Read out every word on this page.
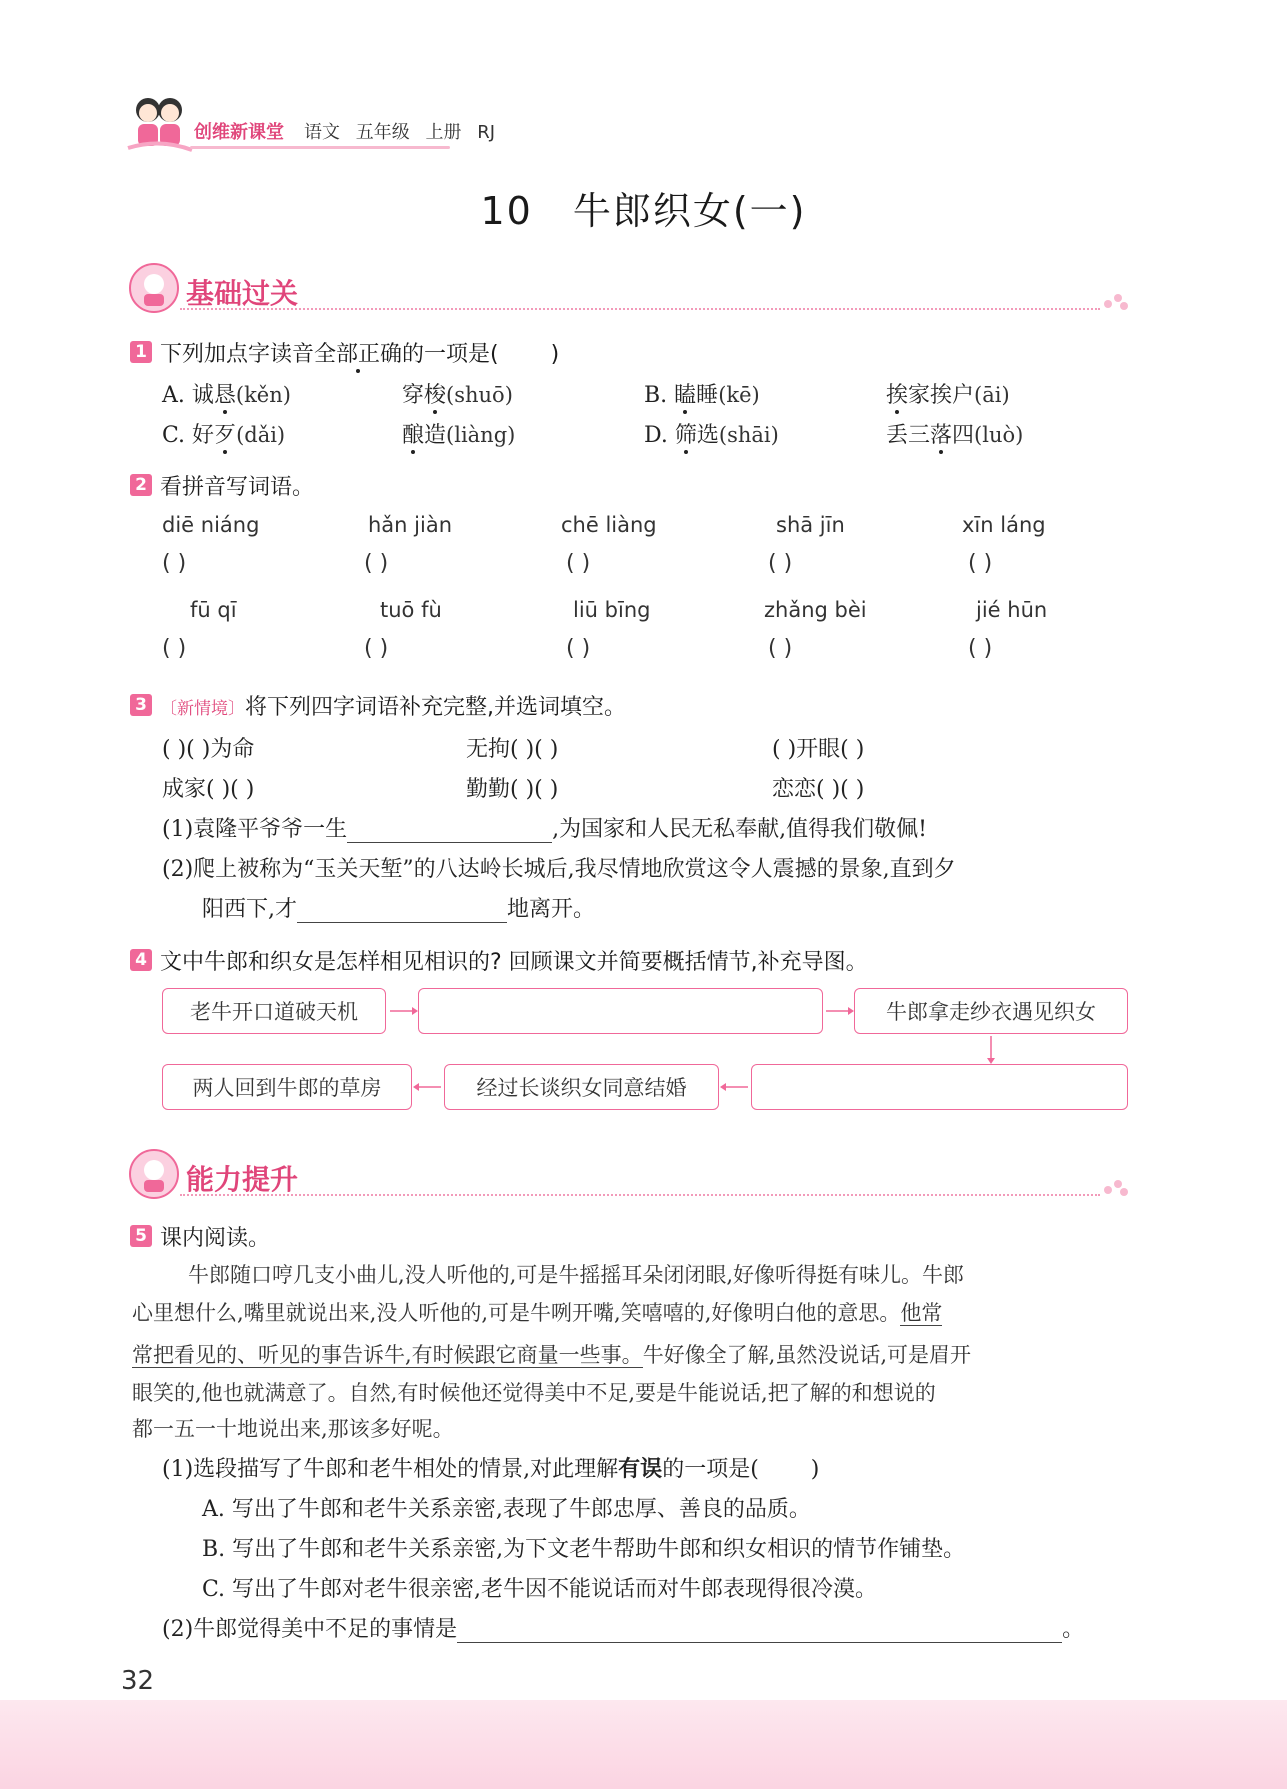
创维新课堂 语文 五年级 上册 RJ
10 牛郎织女(一)
基础过关
1 下列加点字读音全部正确的一项是( )
A. 诚恳(kěn)	穿梭(shuō)	B. 瞌睡(kē)	挨家挨户(āi)
C. 好歹(dǎi)	酿造(liàng)	D. 筛选(shāi)	丢三落四(luò)
2 看拼音写词语。
diē niáng	hǎn jiàn	chē liàng	shā jīn	xīn láng
( )	( )	( )	( )	( )
fū qī	tuō fù	liū bīng	zhǎng bèi	jié hūn
( )	( )	( )	( )	( )
3 〔新情境〕将下列四字词语补充完整,并选词填空。
( )( )为命	无拘( )( )	( )开眼( )
成家( )( )	勤勤( )( )	恋恋( )( )
(1)袁隆平爷爷一生	,为国家和人民无私奉献,值得我们敬佩!
(2)爬上被称为“玉关天堑”的八达岭长城后,我尽情地欣赏这令人震撼的景象,直到夕
阳西下,才	地离开。
4 文中牛郎和织女是怎样相见相识的? 回顾课文并简要概括情节,补充导图。
老牛开口道破天机	牛郎拿走纱衣遇见织女
两人回到牛郎的草房	经过长谈织女同意结婚
能力提升
5 课内阅读。
牛郎随口哼几支小曲儿,没人听他的,可是牛摇摇耳朵闭闭眼,好像听得挺有味儿。牛郎
心里想什么,嘴里就说出来,没人听他的,可是牛咧开嘴,笑嘻嘻的,好像明白他的意思。他常
常把看见的、听见的事告诉牛,有时候跟它商量一些事。牛好像全了解,虽然没说话,可是眉开
眼笑的,他也就满意了。自然,有时候他还觉得美中不足,要是牛能说话,把了解的和想说的
都一五一十地说出来,那该多好呢。
(1)选段描写了牛郎和老牛相处的情景,对此理解有误的一项是( )
A. 写出了牛郎和老牛关系亲密,表现了牛郎忠厚、善良的品质。
B. 写出了牛郎和老牛关系亲密,为下文老牛帮助牛郎和织女相识的情节作铺垫。
C. 写出了牛郎对老牛很亲密,老牛因不能说话而对牛郎表现得很冷漠。
(2)牛郎觉得美中不足的事情是	。
32
